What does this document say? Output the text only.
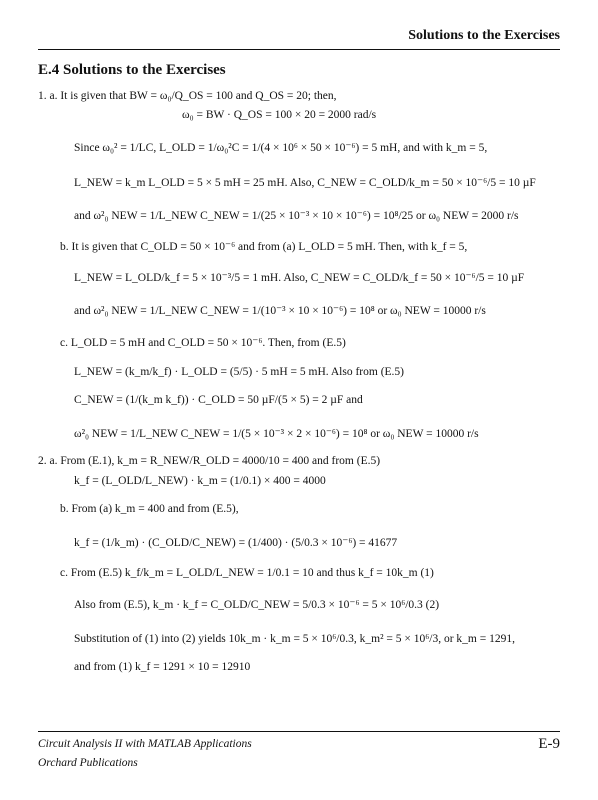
Solutions to the Exercises
E.4 Solutions to the Exercises
1. a. It is given that BW = ω₀/Q_OS = 100 and Q_OS = 20; then,
ω₀ = BW · Q_OS = 100 × 20 = 2000 rad/s
Since ω₀² = 1/LC, L_OLD = 1/ω₀²C = 1/(4 × 10⁶ × 50 × 10⁻⁶) = 5 mH, and with k_m = 5,
L_NEW = k_m L_OLD = 5 × 5 mH = 25 mH. Also, C_NEW = C_OLD/k_m = 50 × 10⁻⁶/5 = 10 µF
and ω²₀ NEW = 1/L_NEW C_NEW = 1/(25 × 10⁻³ × 10 × 10⁻⁶) = 10⁸/25 or ω₀ NEW = 2000 r/s
b. It is given that C_OLD = 50 × 10⁻⁶ and from (a) L_OLD = 5 mH. Then, with k_f = 5,
L_NEW = L_OLD/k_f = 5 × 10⁻³/5 = 1 mH. Also, C_NEW = C_OLD/k_f = 50 × 10⁻⁶/5 = 10 µF
and ω²₀ NEW = 1/L_NEW C_NEW = 1/(10⁻³ × 10 × 10⁻⁶) = 10⁸ or ω₀ NEW = 10000 r/s
c. L_OLD = 5 mH and C_OLD = 50 × 10⁻⁶. Then, from (E.5)
L_NEW = (k_m/k_f) · L_OLD = (5/5) · 5 mH = 5 mH. Also from (E.5)
C_NEW = (1/(k_m k_f)) · C_OLD = 50 µF/(5 × 5) = 2 µF and
ω²₀ NEW = 1/L_NEW C_NEW = 1/(5 × 10⁻³ × 2 × 10⁻⁶) = 10⁸ or ω₀ NEW = 10000 r/s
2. a. From (E.1), k_m = R_NEW/R_OLD = 4000/10 = 400 and from (E.5)
k_f = (L_OLD/L_NEW) · k_m = (1/0.1) × 400 = 4000
b. From (a) k_m = 400 and from (E.5),
k_f = (1/k_m) · (C_OLD/C_NEW) = (1/400) · (5/0.3 × 10⁻⁶) = 41677
c. From (E.5) k_f/k_m = L_OLD/L_NEW = 1/0.1 = 10 and thus k_f = 10k_m (1)
Also from (E.5), k_m · k_f = C_OLD/C_NEW = 5/0.3 × 10⁻⁶ = 5 × 10⁶/0.3 (2)
Substitution of (1) into (2) yields 10k_m · k_m = 5 × 10⁶/0.3, k_m² = 5 × 10⁶/3, or k_m = 1291,
and from (1) k_f = 1291 × 10 = 12910
Circuit Analysis II with MATLAB Applications
Orchard Publications
E-9
